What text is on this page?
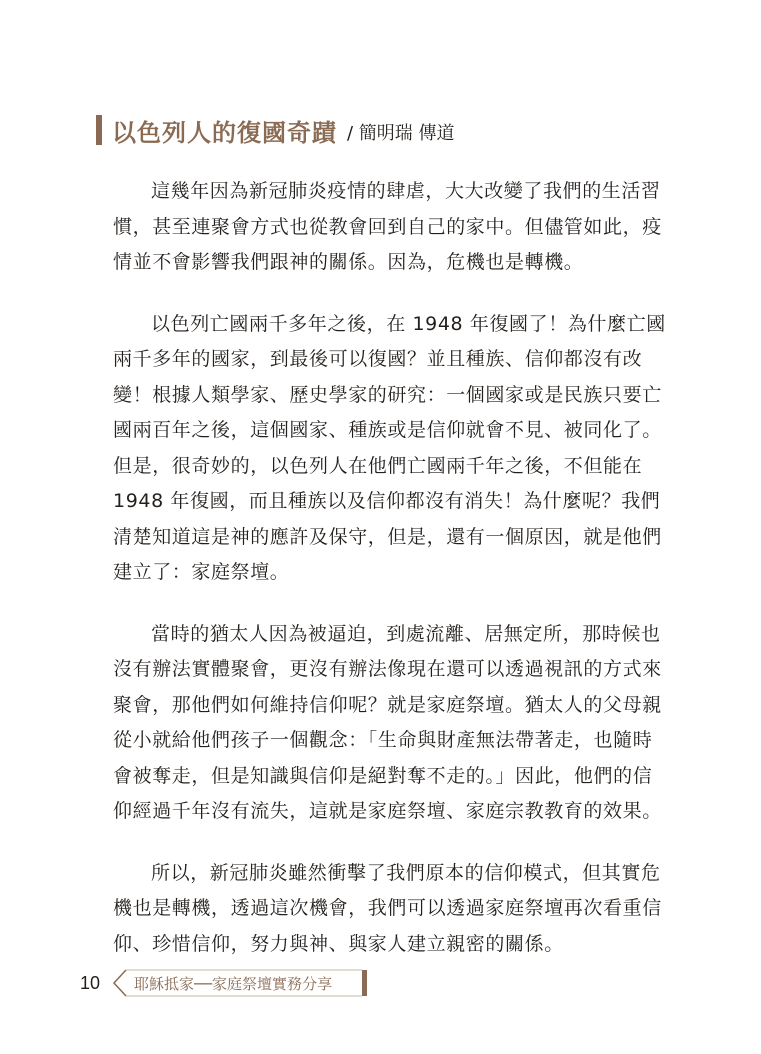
以色列人的復國奇蹟 / 簡明瑞 傳道

這幾年因為新冠肺炎疫情的肆虐，大大改變了我們的生活習
慣，甚至連聚會方式也從教會回到自己的家中。但儘管如此，疫
情並不會影響我們跟神的關係。因為，危機也是轉機。

以色列亡國兩千多年之後，在 1948 年復國了！為什麼亡國
兩千多年的國家，到最後可以復國？並且種族、信仰都沒有改
變！根據人類學家、歷史學家的研究：一個國家或是民族只要亡
國兩百年之後，這個國家、種族或是信仰就會不見、被同化了。
但是，很奇妙的，以色列人在他們亡國兩千年之後，不但能在
1948 年復國，而且種族以及信仰都沒有消失！為什麼呢？我們
清楚知道這是神的應許及保守，但是，還有一個原因，就是他們
建立了：家庭祭壇。

當時的猶太人因為被逼迫，到處流離、居無定所，那時候也
沒有辦法實體聚會，更沒有辦法像現在還可以透過視訊的方式來
聚會，那他們如何維持信仰呢？就是家庭祭壇。猶太人的父母親
從小就給他們孩子一個觀念：「生命與財產無法帶著走，也隨時
會被奪走，但是知識與信仰是絕對奪不走的。」因此，他們的信
仰經過千年沒有流失，這就是家庭祭壇、家庭宗教教育的效果。

所以，新冠肺炎雖然衝擊了我們原本的信仰模式，但其實危
機也是轉機，透過這次機會，我們可以透過家庭祭壇再次看重信
仰、珍惜信仰，努力與神、與家人建立親密的關係。

10	耶穌抵家──家庭祭壇實務分享
